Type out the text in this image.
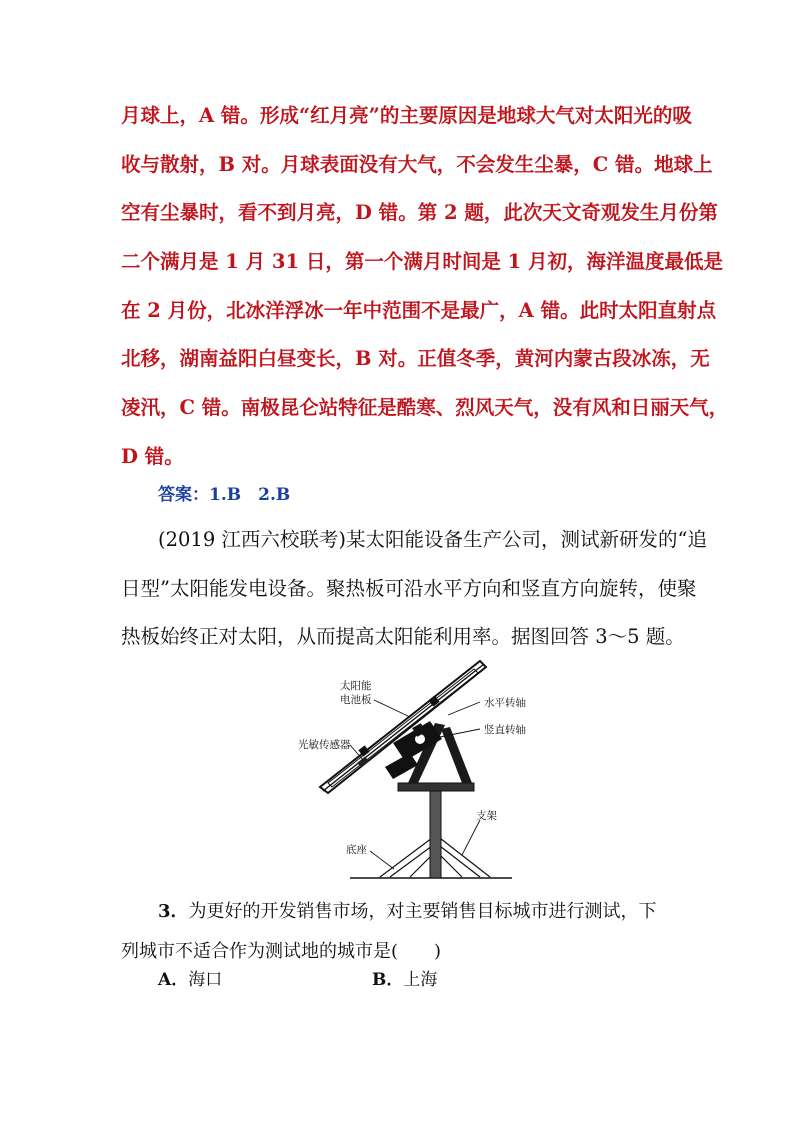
月球上，A 错。形成“红月亮”的主要原因是地球大气对太阳光的吸
收与散射，B 对。月球表面没有大气，不会发生尘暴，C 错。地球上
空有尘暴时，看不到月亮，D 错。第 2 题，此次天文奇观发生月份第
二个满月是 1 月 31 日，第一个满月时间是 1 月初，海洋温度最低是
在 2 月份，北冰洋浮冰一年中范围不是最广，A 错。此时太阳直射点
北移，湖南益阳白昼变长，B 对。正值冬季，黄河内蒙古段冰冻，无
凌汛，C 错。南极昆仑站特征是酷寒、烈风天气，没有风和日丽天气，
D 错。
答案：1.B　2.B
(2019 江西六校联考)某太阳能设备生产公司，测试新研发的“追
日型”太阳能发电设备。聚热板可沿水平方向和竖直方向旋转，使聚
热板始终正对太阳，从而提高太阳能利用率。据图回答 3～5 题。
太阳能
电池板	水平转轴
竖直转轴
光敏传感器
支架
底座
3．为更好的开发销售市场，对主要销售目标城市进行测试，下
列城市不适合作为测试地的城市是(　　)
A．海口	B．上海
